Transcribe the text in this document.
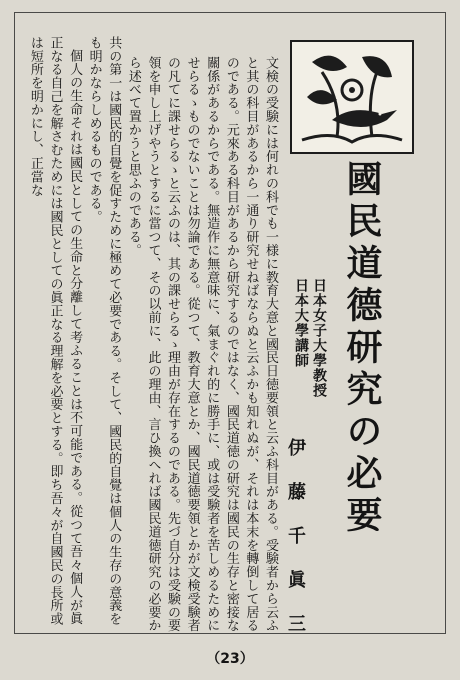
文検の受験には何れの科でも一様に教育大意と國民日徳要領と云ふ科目がある。受験者から云ふと其の科目があるから一通り研究せねばならぬと云ふかも知れぬが、それは本末を轉倒して居るのである。元來ある科目があるから研究するのではなく、國民道徳の研究は國民の生存と密接な關係があるからである。無造作に無意味に、氣まぐれ的に勝手に、或は受験者を苦しめるためにせらるゝものでないことは勿論である。從つて、教育大意とか、國民道徳要領とかが文検受験者の凡てに課せらるゝと云ふのは、其の課せらるゝ理由が存在するのである。先づ自分は受験の要領を申し上げやうとするに當つて、その以前に、此の理由、言ひ換へれば國民道徳研究の必要から述べて置かうと思ふのである。

共の第一は國民的自覺を促すために極めて必要である。そして、國民的自覺は個人の生存の意義をも明かならしめるものである。

個人の生命それは國民としての生命と分離して考ふることは不可能である。從つて吾々個人が眞正なる自己を解さむためには國民としての眞正なる理解を必要とする。即ち吾々が自國民の長所或は短所を明かにし、正當な

國民道德研究の必要
日本女子大學教授
日本大學講師
伊藤千眞三
（23）
